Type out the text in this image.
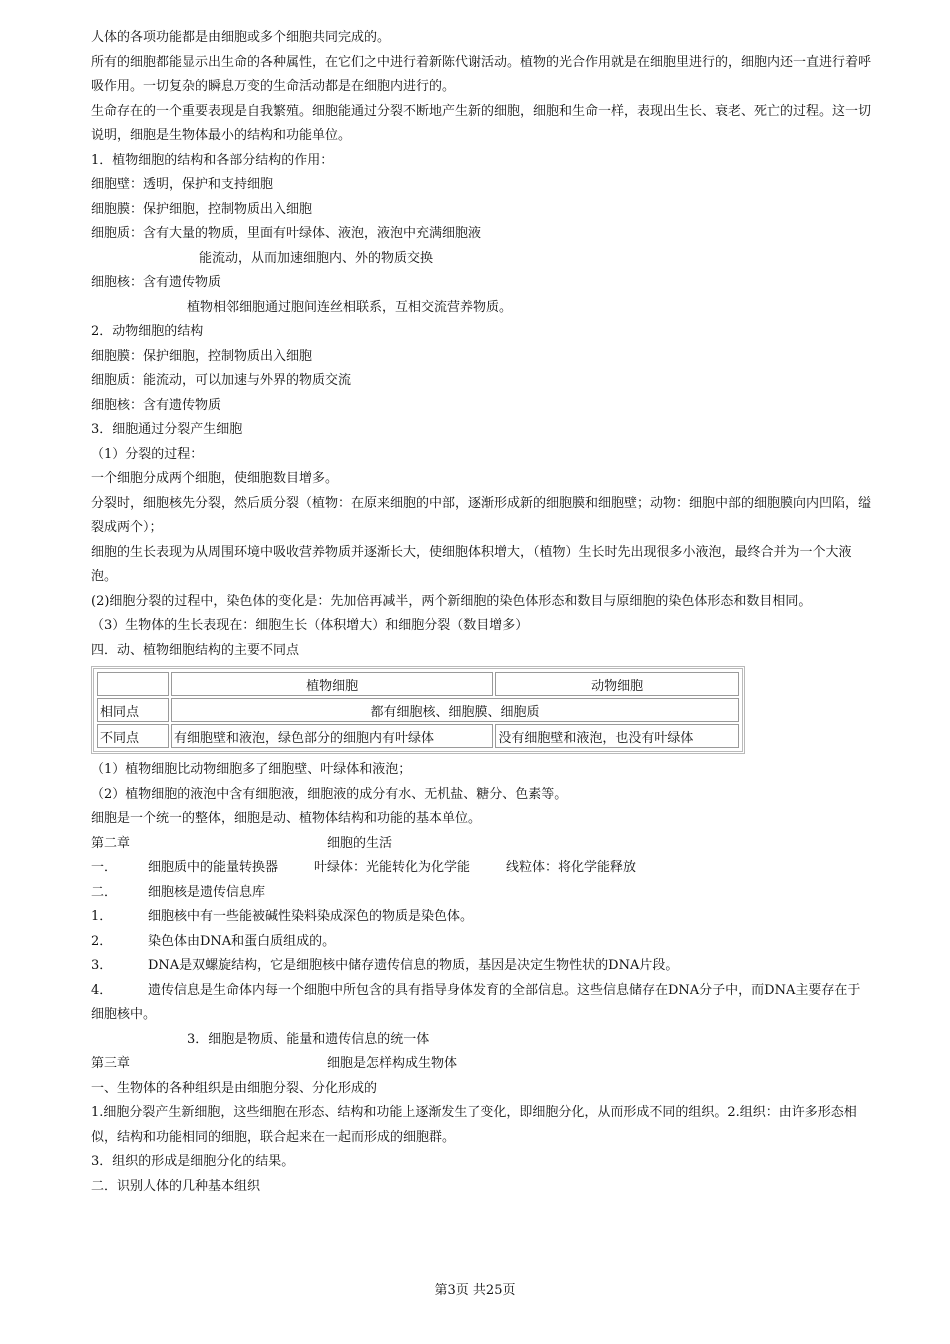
人体的各项功能都是由细胞或多个细胞共同完成的。
所有的细胞都能显示出生命的各种属性，在它们之中进行着新陈代谢活动。植物的光合作用就是在细胞里进行的，细胞内还一直进行着呼吸作用。一切复杂的瞬息万变的生命活动都是在细胞内进行的。
生命存在的一个重要表现是自我繁殖。细胞能通过分裂不断地产生新的细胞，细胞和生命一样，表现出生长、衰老、死亡的过程。这一切说明，细胞是生物体最小的结构和功能单位。
1．植物细胞的结构和各部分结构的作用：
细胞壁：透明，保护和支持细胞
细胞膜：保护细胞，控制物质出入细胞
细胞质：含有大量的物质，里面有叶绿体、液泡，液泡中充满细胞液
能流动，从而加速细胞内、外的物质交换
细胞核：含有遗传物质
植物相邻细胞通过胞间连丝相联系，互相交流营养物质。
2．动物细胞的结构
细胞膜：保护细胞，控制物质出入细胞
细胞质：能流动，可以加速与外界的物质交流
细胞核：含有遗传物质
3．细胞通过分裂产生细胞
（1）分裂的过程：
一个细胞分成两个细胞，使细胞数目增多。
分裂时，细胞核先分裂，然后质分裂（植物：在原来细胞的中部，逐渐形成新的细胞膜和细胞壁；动物：细胞中部的细胞膜向内凹陷，缢裂成两个）；
细胞的生长表现为从周围环境中吸收营养物质并逐渐长大，使细胞体积增大，（植物）生长时先出现很多小液泡，最终合并为一个大液泡。
(2)细胞分裂的过程中，染色体的变化是：先加倍再减半，两个新细胞的染色体形态和数目与原细胞的染色体形态和数目相同。
（3）生物体的生长表现在：细胞生长（体积增大）和细胞分裂（数目增多）
四．动、植物细胞结构的主要不同点
	植物细胞	动物细胞
相同点	都有细胞核、细胞膜、细胞质	
不同点	有细胞壁和液泡，绿色部分的细胞内有叶绿体	没有细胞壁和液泡，也没有叶绿体
（1）植物细胞比动物细胞多了细胞壁、叶绿体和液泡；
（2）植物细胞的液泡中含有细胞液，细胞液的成分有水、无机盐、糖分、色素等。
细胞是一个统一的整体，细胞是动、植物体结构和功能的基本单位。
第二章	细胞的生活
一． 细胞质中的能量转换器	叶绿体：光能转化为化学能	线粒体：将化学能释放
二． 细胞核是遗传信息库
1．	细胞核中有一些能被碱性染料染成深色的物质是染色体。
2．	染色体由DNA和蛋白质组成的。
3．	DNA是双螺旋结构，它是细胞核中储存遗传信息的物质，基因是决定生物性状的DNA片段。
4．	遗传信息是生命体内每一个细胞中所包含的具有指导身体发育的全部信息。这些信息储存在DNA分子中，而DNA主要存在于细胞核中。
3．细胞是物质、能量和遗传信息的统一体
第三章	细胞是怎样构成生物体
一、生物体的各种组织是由细胞分裂、分化形成的
1.细胞分裂产生新细胞，这些细胞在形态、结构和功能上逐渐发生了变化，即细胞分化，从而形成不同的组织。2.组织：由许多形态相似，结构和功能相同的细胞，联合起来在一起而形成的细胞群。
3．组织的形成是细胞分化的结果。
二．识别人体的几种基本组织
第3页 共25页
